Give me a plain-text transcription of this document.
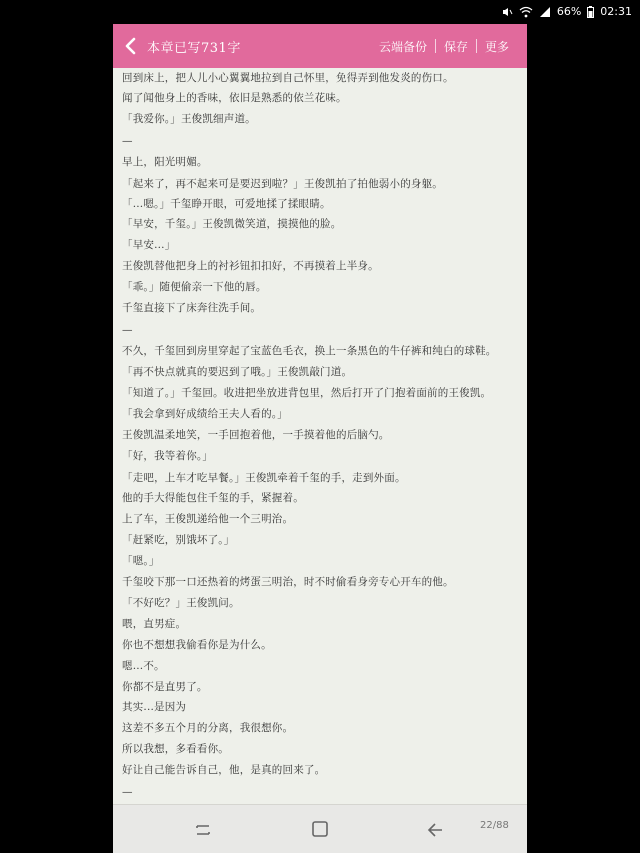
66% 02:31
本章已写731字	云端备份	保存	更多
回到床上，把人儿小心翼翼地拉到自己怀里，免得弄到他发炎的伤口。
闻了闻他身上的香味，依旧是熟悉的依兰花味。
「我爱你。」王俊凯细声道。
—
早上，阳光明媚。
「起来了，再不起来可是要迟到啦？」王俊凯拍了拍他弱小的身躯。
「...嗯。」千玺睁开眼，可爱地揉了揉眼睛。
「早安，千玺。」王俊凯微笑道，摸摸他的脸。
「早安...」
王俊凯替他把身上的衬衫钮扣扣好，不再摸着上半身。
「乖。」随便偷亲一下他的唇。
千玺直接下了床奔往洗手间。
—
不久，千玺回到房里穿起了宝蓝色毛衣，换上一条黑色的牛仔裤和纯白的球鞋。
「再不快点就真的要迟到了哦。」王俊凯敲门道。
「知道了。」千玺回。收进把坐放进背包里，然后打开了门抱着面前的王俊凯。
「我会拿到好成绩给王夫人看的。」
王俊凯温柔地笑，一手回抱着他，一手摸着他的后脑勺。
「好，我等着你。」
「走吧，上车才吃早餐。」王俊凯牵着千玺的手，走到外面。
他的手大得能包住千玺的手，紧握着。
上了车，王俊凯递给他一个三明治。
「赶紧吃，别饿坏了。」
「嗯。」
千玺咬下那一口还热着的烤蛋三明治，时不时偷看身旁专心开车的他。
「不好吃？」王俊凯问。
喂，直男症。
你也不想想我偷看你是为什么。
嗯...不。
你都不是直男了。
其实...是因为
这差不多五个月的分离，我很想你。
所以我想，多看看你。
好让自己能告诉自己，他，是真的回来了。
—
22/88
